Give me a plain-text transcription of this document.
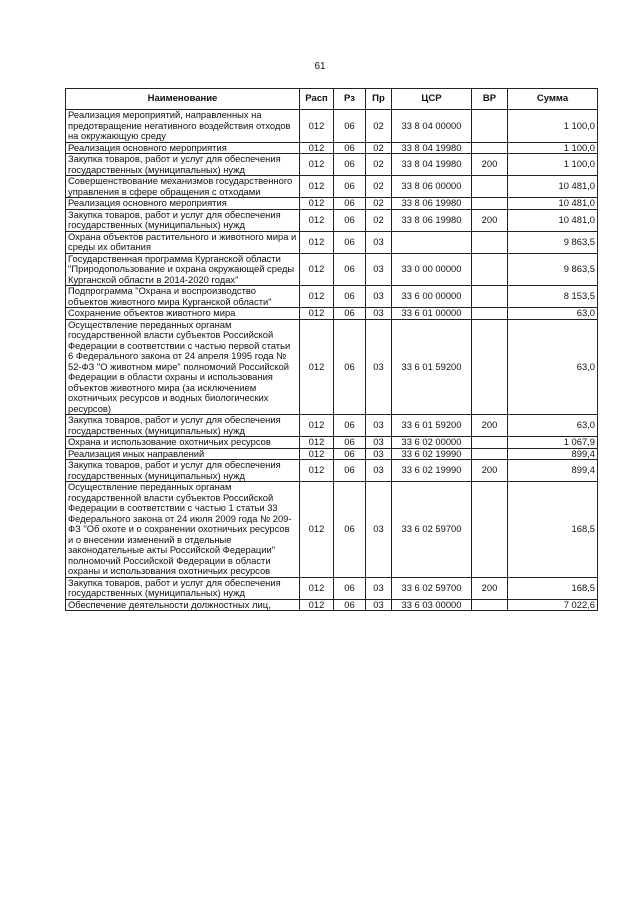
61
Наименование	Расп	Рз	Пр	ЦСР	ВР	Сумма
Реализация мероприятий, направленных на предотвращение негативного воздействия отходов на окружающую среду	012	06	02	33 8 04 00000		1 100,0
Реализация основного мероприятия	012	06	02	33 8 04 19980		1 100,0
Закупка товаров, работ и услуг для обеспечения государственных (муниципальных) нужд	012	06	02	33 8 04 19980	200	1 100,0
Совершенствование механизмов государственного управления в сфере обращения с отходами	012	06	02	33 8 06 00000		10 481,0
Реализация основного мероприятия	012	06	02	33 8 06 19980		10 481,0
Закупка товаров, работ и услуг для обеспечения государственных (муниципальных) нужд	012	06	02	33 8 06 19980	200	10 481,0
Охрана объектов растительного и животного мира и среды их обитания	012	06	03			9 863,5
Государственная программа Курганской области "Природопользование и охрана окружающей среды Курганской области в 2014-2020 годах"	012	06	03	33 0 00 00000		9 863,5
Подпрограмма "Охрана и воспроизводство объектов животного мира Курганской области"	012	06	03	33 6 00 00000		8 153,5
Сохранение объектов животного мира	012	06	03	33 6 01 00000		63,0
Осуществление переданных органам государственной власти субъектов Российской Федерации в соответствии с частью первой статьи 6 Федерального закона от 24 апреля 1995 года № 52-ФЗ "О животном мире" полномочий Российской Федерации в области охраны и использования объектов животного мира (за исключением охотничьих ресурсов и водных биологических ресурсов)	012	06	03	33 6 01 59200		63,0
Закупка товаров, работ и услуг для обеспечения государственных (муниципальных) нужд	012	06	03	33 6 01 59200	200	63,0
Охрана и использование охотничьих ресурсов	012	06	03	33 6 02 00000		1 067,9
Реализация иных направлений	012	06	03	33 6 02 19990		899,4
Закупка товаров, работ и услуг для обеспечения государственных (муниципальных) нужд	012	06	03	33 6 02 19990	200	899,4
Осуществление переданных органам государственной власти субъектов Российской Федерации в соответствии с частью 1 статьи 33 Федерального закона от 24 июля 2009 года № 209-ФЗ "Об охоте и о сохранении охотничьих ресурсов и о внесении изменений в отдельные законодательные акты Российской Федерации" полномочий Российской Федерации в области охраны и использования охотничьих ресурсов	012	06	03	33 6 02 59700		168,5
Закупка товаров, работ и услуг для обеспечения государственных (муниципальных) нужд	012	06	03	33 6 02 59700	200	168,5
Обеспечение деятельности должностных лиц,	012	06	03	33 6 03 00000		7 022,6
